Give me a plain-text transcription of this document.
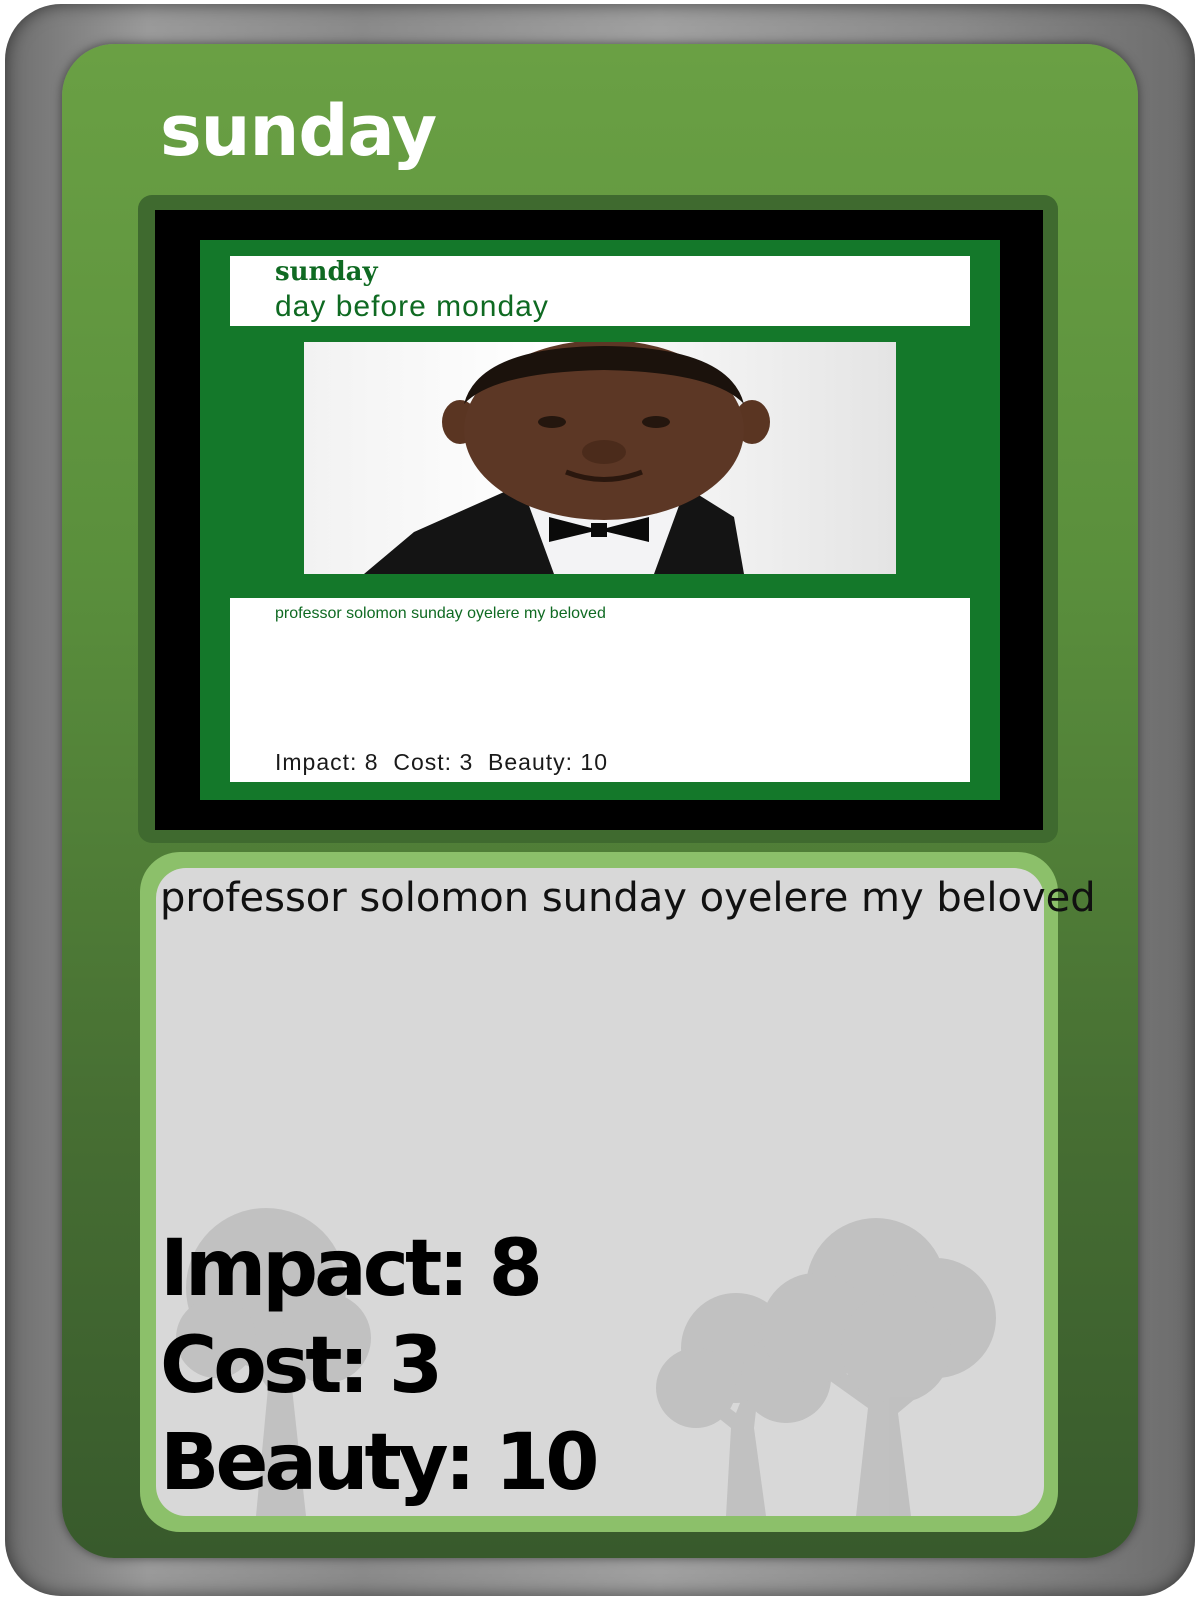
sunday
sunday
day before monday
professor solomon sunday oyelere my beloved
Impact: 8  Cost: 3  Beauty: 10
professor solomon sunday oyelere my beloved

Impact: 8

Cost: 3

Beauty: 10
